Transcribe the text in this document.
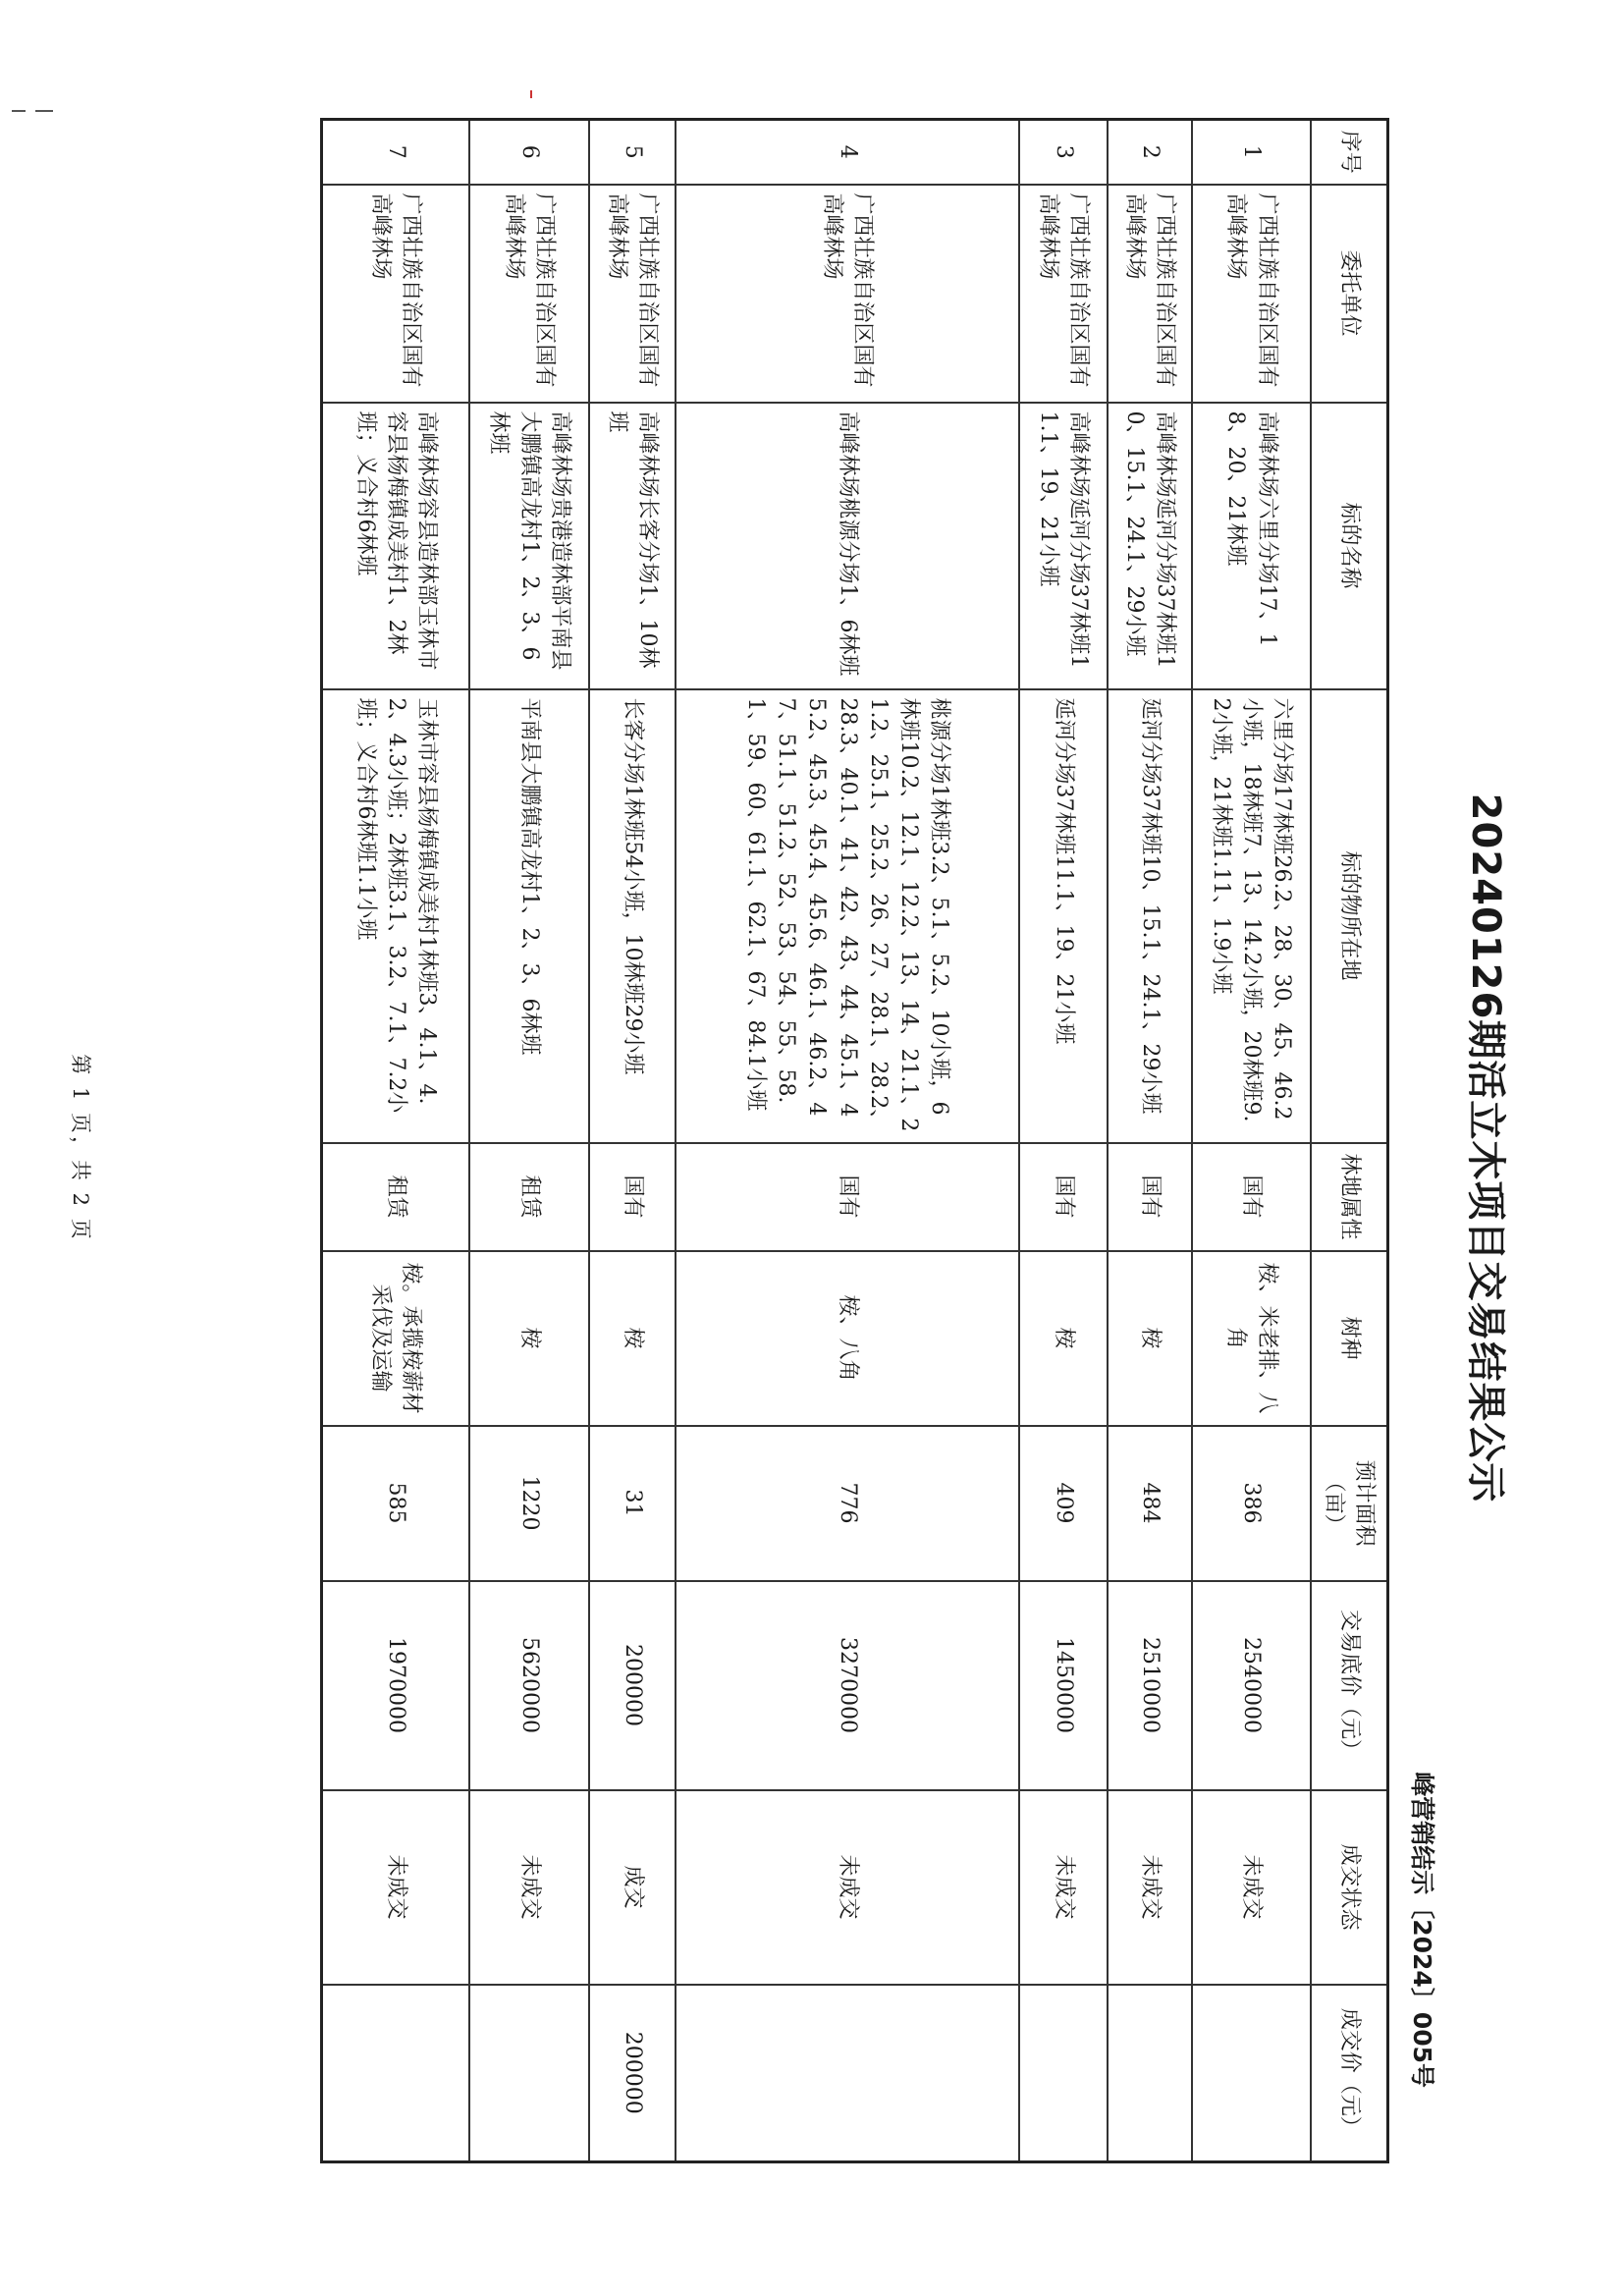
20240126期活立木项目交易结果公示
峰营销结示〔2024〕005号
序号	委托单位	标的名称	标的物所在地	林地属性	树种	预计面积（亩）	交易底价（元）	成交状态	成交价（元）
1	广西壮族自治区国有高峰林场	高峰林场六里分场17、18、20、21林班	六里分场17林班26.2、28、30、45、46.2小班，18林班7、13、14.2小班，20林班9.2小班，21林班1.11、1.9小班	国有	桉、米老排、八角	386	2540000	未成交	
2	广西壮族自治区国有高峰林场	高峰林场延河分场37林班10、15.1、24.1、29小班	延河分场37林班10、15.1、24.1、29小班	国有	桉	484	2510000	未成交	
3	广西壮族自治区国有高峰林场	高峰林场延河分场37林班11.1、19、21小班	延河分场37林班11.1、19、21小班	国有	桉	409	1450000	未成交	
4	广西壮族自治区国有高峰林场	高峰林场桃源分场1、6林班	桃源分场1林班3.2、5.1、5.2、10小班，6林班10.2、12.1、12.2、13、14、21.1、21.2、25.1、25.2、26、27、28.1、28.2、28.3、40.1、41、42、43、44、45.1、45.2、45.3、45.4、45.6、46.1、46.2、47、51.1、51.2、52、53、54、55、58.1、59、60、61.1、62.1、67、84.1小班	国有	桉、八角	776	3270000	未成交	
5	广西壮族自治区国有高峰林场	高峰林场长客分场1、10林班	长客分场1林班54小班，10林班29小班	国有	桉	31	200000	成交	200000
6	广西壮族自治区国有高峰林场	高峰林场贵港造林部平南县大鹏镇高龙村1、2、3、6林班	平南县大鹏镇高龙村1、2、3、6林班	租赁	桉	1220	5620000	未成交	
7	广西壮族自治区国有高峰林场	高峰林场容县造林部玉林市容县杨梅镇成美村1、2林班；义合村6林班	玉林市容县杨梅镇成美村1林班3、4.1、4.2、4.3小班；2林班3.1、3.2、7.1、7.2小班；义合村6林班1.1小班	租赁	桉。承揽桉薪材采伐及运输	585	1970000	未成交	
第 1 页，共 2 页
